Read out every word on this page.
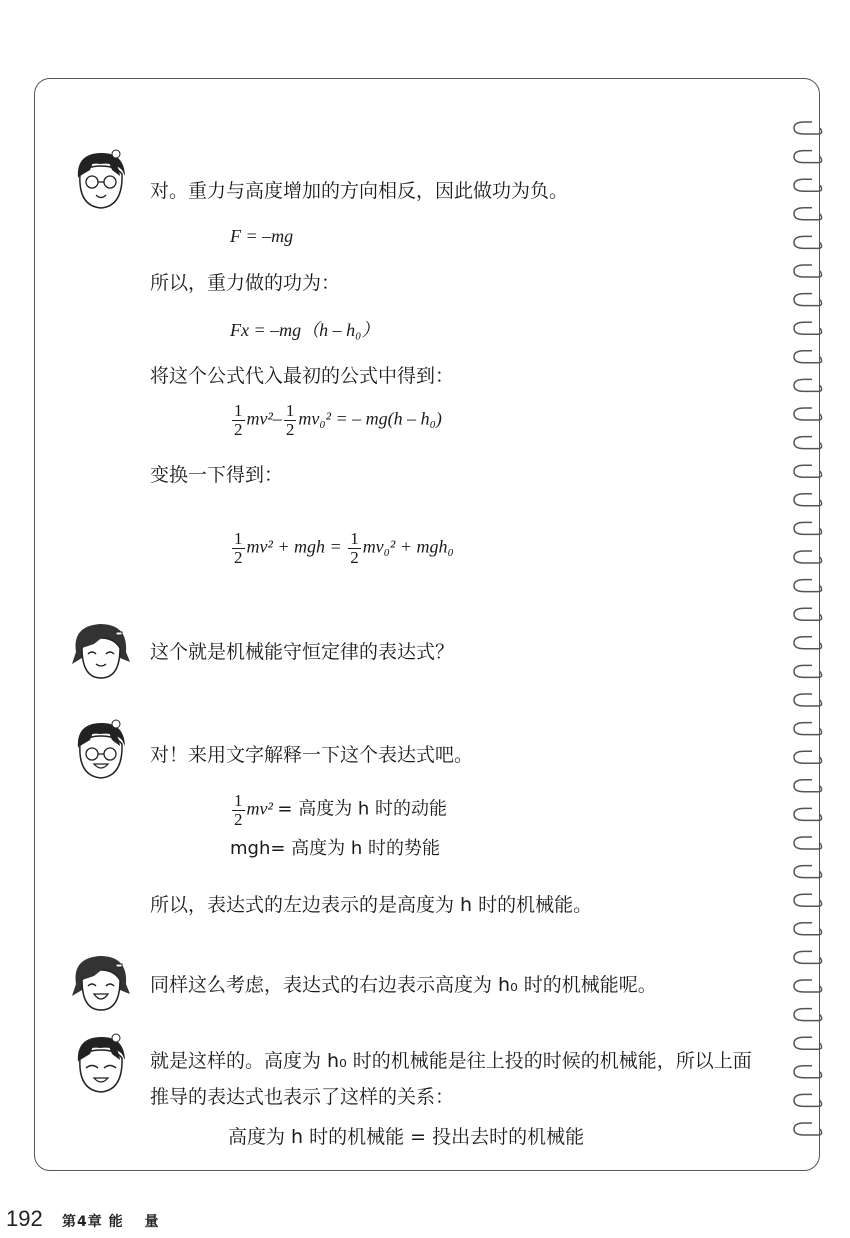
对。重力与高度增加的方向相反，因此做功为负。
F = –mg
所以，重力做的功为：
Fx = –mg（h – h₀）
将这个公式代入最初的公式中得到：
$\frac{1}{2} mv^2- \frac{1}{2} mv_0^2$ = – mg(h – h₀)
变换一下得到：
$\frac{1}{2} mv^2$ + mgh = $\frac{1}{2} mv_0^2 + mgh_0$
这个就是机械能守恒定律的表达式？
对！来用文字解释一下这个表达式吧。
$\frac{1}{2} mv^2$ = 高度为 h 时的动能
mgh= 高度为 h 时的势能
所以，表达式的左边表示的是高度为 h 时的机械能。
同样这么考虑，表达式的右边表示高度为 h₀ 时的机械能呢。
就是这样的。高度为 h₀ 时的机械能是往上投的时候的机械能，所以上面
推导的表达式也表示了这样的关系：
高度为 h 时的机械能 = 投出去时的机械能
192 第4章 能　 量
